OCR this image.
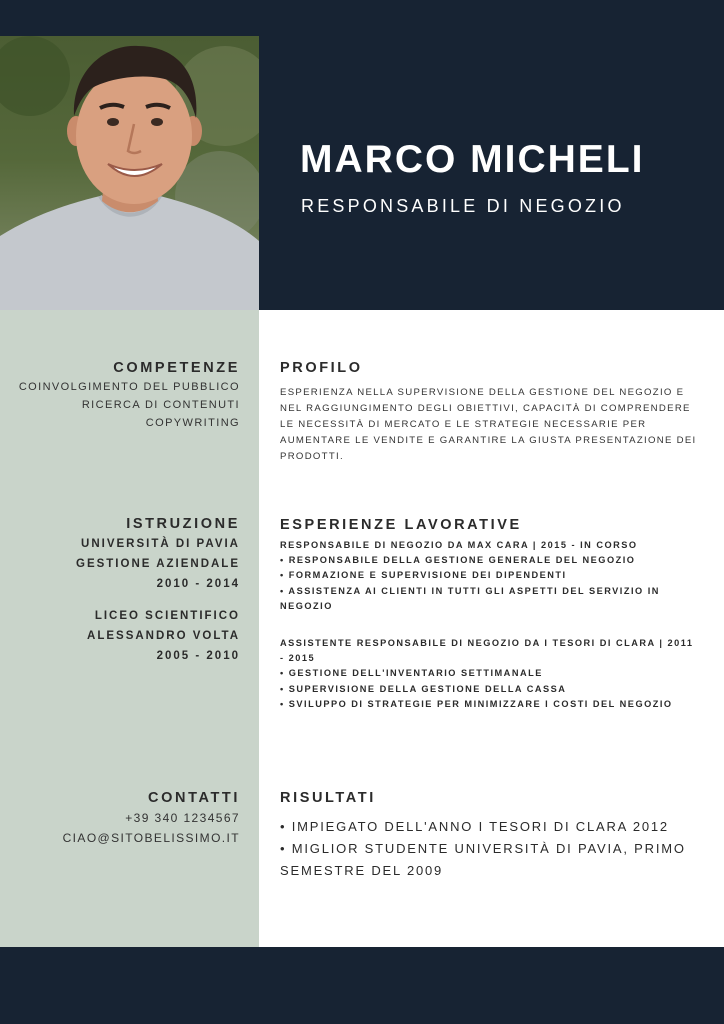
MARCO MICHELI

RESPONSABILE DI NEGOZIO

COMPETENZE
COINVOLGIMENTO DEL PUBBLICO
RICERCA DI CONTENUTI
COPYWRITING
ISTRUZIONE
UNIVERSITÀ DI PAVIA
GESTIONE AZIENDALE
2010 - 2014
LICEO SCIENTIFICO
ALESSANDRO VOLTA
2005 - 2010
CONTATTI
+39 340 1234567
CIAO@SITOBELISSIMO.IT
PROFILO
ESPERIENZA NELLA SUPERVISIONE DELLA GESTIONE DEL NEGOZIO E NEL RAGGIUNGIMENTO DEGLI OBIETTIVI, CAPACITÀ DI COMPRENDERE LE NECESSITÀ DI MERCATO E LE STRATEGIE NECESSARIE PER AUMENTARE LE VENDITE E GARANTIRE LA GIUSTA PRESENTAZIONE DEI PRODOTTI.
ESPERIENZE LAVORATIVE
RESPONSABILE DI NEGOZIO DA MAX CARA | 2015 - IN CORSO
• RESPONSABILE DELLA GESTIONE GENERALE DEL NEGOZIO
• FORMAZIONE E SUPERVISIONE DEI DIPENDENTI
• ASSISTENZA AI CLIENTI IN TUTTI GLI ASPETTI DEL SERVIZIO IN NEGOZIO
ASSISTENTE RESPONSABILE DI NEGOZIO DA I TESORI DI CLARA | 2011 - 2015
• GESTIONE DELL'INVENTARIO SETTIMANALE
• SUPERVISIONE DELLA GESTIONE DELLA CASSA
• SVILUPPO DI STRATEGIE PER MINIMIZZARE I COSTI DEL NEGOZIO
RISULTATI
• IMPIEGATO DELL'ANNO I TESORI DI CLARA 2012
• MIGLIOR STUDENTE UNIVERSITÀ DI PAVIA, PRIMO SEMESTRE DEL 2009
